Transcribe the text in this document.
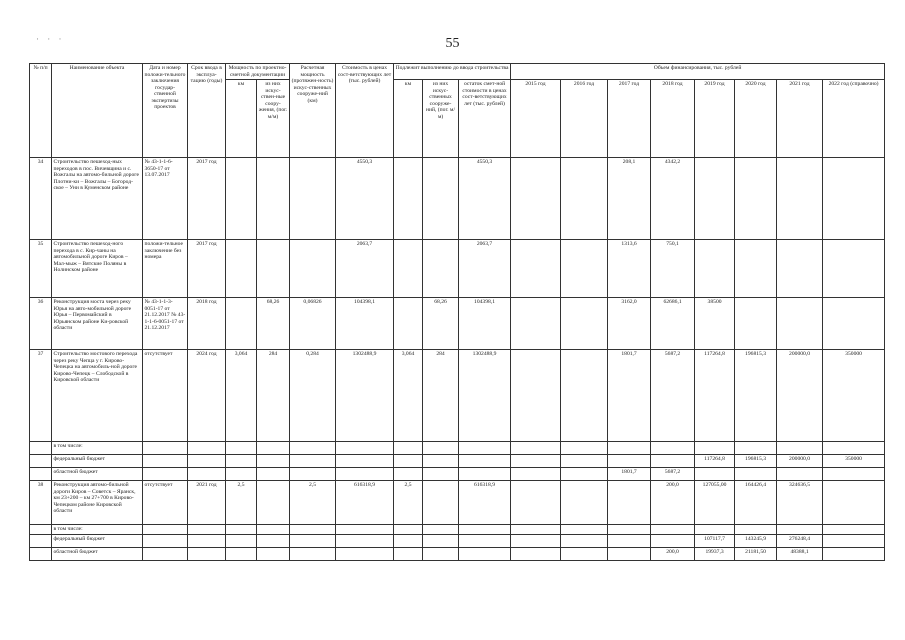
· · ·	55
№ п/п	Наименование объекта	Дата и номер положи-тельного заключения государ-ственной экспертизы проектов	Срок ввода в эксплуа-тацию (годы)	Мощность по проектно-сметной документации		Расчетная мощность (протяжен-ность) искус-ственных сооруже-ний (км)	Стоимость в ценах сост-ветствующих лет (тыс. рублей)	Подлежит выполнению до ввода строительства			Объем финансирования, тыс. рублей							
				км	из них искус-ствен-ные соору-жения, (пог. м/м)			км	из них искус-ственных сооруже-ний, (пог. м/м)	остаток смет-ной стоимости в ценах сост-ветствующих лет (тыс. рублей)	2015 год	2016 год	2017 год	2018 год	2019 год	2020 год	2021 год	2022 год (справочно)
34	Строительство пешеход-ных переходов в пос. Вичевщина и с. Вожгалы на автомо-бильной дороге Плотни-ки – Вожгалы – Богород-ское – Уни в Куменском районе	№ 43-1-1-6-3650-17 от 13.07.2017	2017 год				4550,3			4550,3			208,1	4342,2				
35	Строительство пешеход-ного перехода в с. Кир-чаны на автомобильной дороге Киров – Мал-мыж – Вятские Поляны в Нолинском районе	положи-тельное заключение без номера	2017 год				2063,7			2063,7			1313,6	750,1				
36	Реконструкция моста через реку Юрья на авто-мобильной дороге Юрья – Первомайский в Юрьянском районе Ки-ровской области	№ 43-1-1-3-0051-17 от 21.12.2017 № 43-1-1-6-0051-17 от 21.12.2017	2018 год		68,26	0,06826	104398,1		68,26	104398,1			3162,0	62686,1	38500			
37	Строительство мостового перехода через реку Чепца у г. Кирово-Чепецка на автомобиль-ной дороге Кирово-Чепецк – Слободской в Кировской области	отсутствует	2024 год	3,064	284	0,284	1302488,9	3,064	284	1302488,9			1801,7	5687,2	117264,8	196815,3	200000,0	350000
	в том числе:																	
	федеральный бюджет														117264,8	196815,3	200000,0	350000
	областной бюджет												1801,7	5687,2				
38	Реконструкция автомо-бильной дороги Киров – Советск – Яранск, км 23+200 – км 27+700 в Кирово-Чепецком районе Кировской области	отсутствует	2021 год	2,5		2,5	616318,9	2,5		616318,9				200,0	127055,00	164426,4	324636,5	
	в том числе:																	
	федеральный бюджет														107117,7	143245,9	276248,4	
	областной бюджет													200,0	19937,3	21181,50	48388,1	
